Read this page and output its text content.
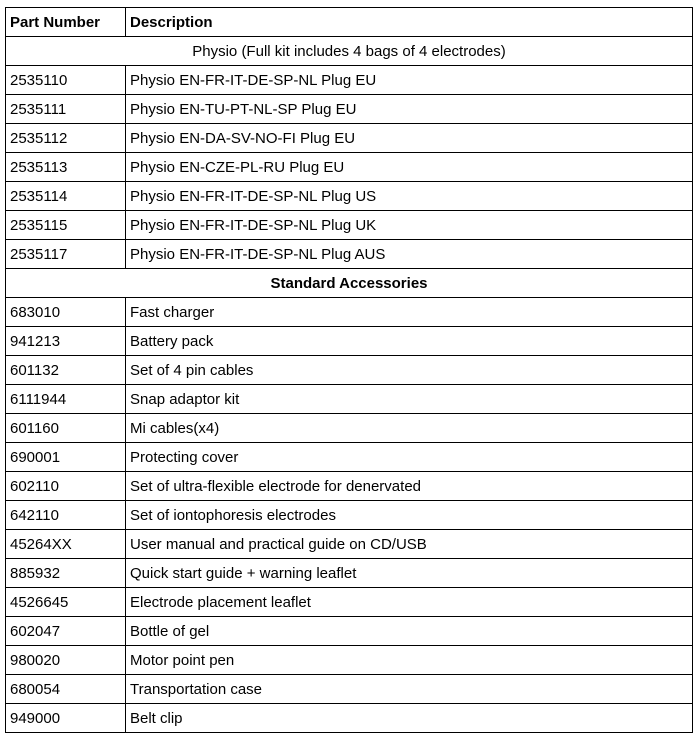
Part Number	Description
Physio (Full kit includes 4 bags of 4 electrodes)	
2535110	Physio EN-FR-IT-DE-SP-NL Plug EU
2535111	Physio EN-TU-PT-NL-SP Plug EU
2535112	Physio EN-DA-SV-NO-FI Plug EU
2535113	Physio EN-CZE-PL-RU Plug EU
2535114	Physio EN-FR-IT-DE-SP-NL Plug US
2535115	Physio EN-FR-IT-DE-SP-NL Plug UK
2535117	Physio EN-FR-IT-DE-SP-NL Plug AUS
Standard Accessories	
683010	Fast charger
941213	Battery pack
601132	Set of 4 pin cables
6111944	Snap adaptor kit
601160	Mi cables(x4)
690001	Protecting cover
602110	Set of ultra-flexible electrode for denervated
642110	Set of iontophoresis electrodes
45264XX	User manual and practical guide on CD/USB
885932	Quick start guide + warning leaflet
4526645	Electrode placement leaflet
602047	Bottle of gel
980020	Motor point pen
680054	Transportation case
949000	Belt clip
